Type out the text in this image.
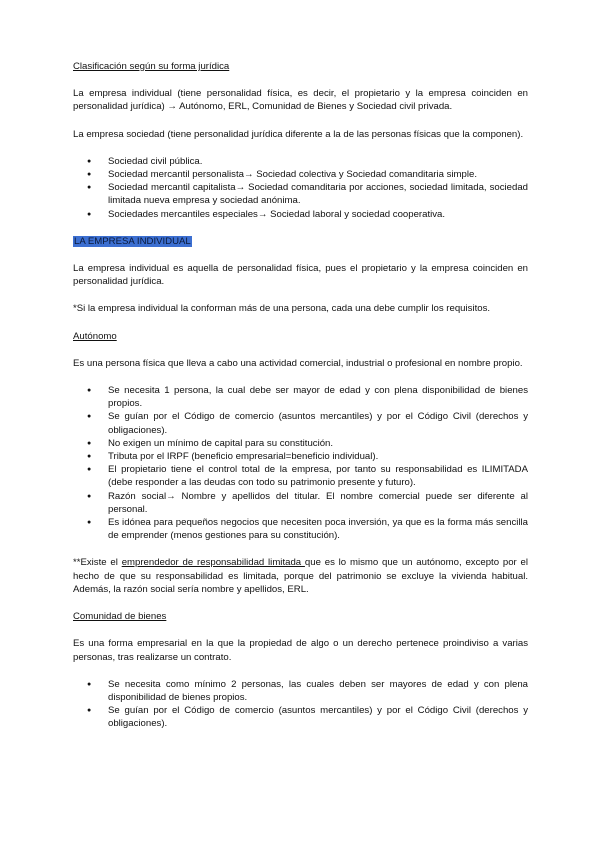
Clasificación según su forma jurídica

La empresa individual (tiene personalidad física, es decir, el propietario y la empresa coinciden en personalidad jurídica) → Autónomo, ERL, Comunidad de Bienes y Sociedad civil privada.

La empresa sociedad (tiene personalidad jurídica diferente a la de las personas físicas que la componen).

● Sociedad civil pública.
● Sociedad mercantil personalista→ Sociedad colectiva y Sociedad comanditaria simple.
● Sociedad mercantil capitalista→ Sociedad comanditaria por acciones, sociedad limitada, sociedad limitada nueva empresa y sociedad anónima.
● Sociedades mercantiles especiales→ Sociedad laboral y sociedad cooperativa.

LA EMPRESA INDIVIDUAL

La empresa individual es aquella de personalidad física, pues el propietario y la empresa coinciden en personalidad jurídica.

*Si la empresa individual la conforman más de una persona, cada una debe cumplir los requisitos.

Autónomo

Es una persona física que lleva a cabo una actividad comercial, industrial o profesional en nombre propio.

● Se necesita 1 persona, la cual debe ser mayor de edad y con plena disponibilidad de bienes propios.
● Se guían por el Código de comercio (asuntos mercantiles) y por el Código Civil (derechos y obligaciones).
● No exigen un mínimo de capital para su constitución.
● Tributa por el IRPF (beneficio empresarial=beneficio individual).
● El propietario tiene el control total de la empresa, por tanto su responsabilidad es ILIMITADA (debe responder a las deudas con todo su patrimonio presente y futuro).
● Razón social→ Nombre y apellidos del titular. El nombre comercial puede ser diferente al personal.
● Es idónea para pequeños negocios que necesiten poca inversión, ya que es la forma más sencilla de emprender (menos gestiones para su constitución).

**Existe el emprendedor de responsabilidad limitada que es lo mismo que un autónomo, excepto por el hecho de que su responsabilidad es limitada, porque del patrimonio se excluye la vivienda habitual. Además, la razón social sería nombre y apellidos, ERL.

Comunidad de bienes

Es una forma empresarial en la que la propiedad de algo o un derecho pertenece proindiviso a varias personas, tras realizarse un contrato.

● Se necesita como mínimo 2 personas, las cuales deben ser mayores de edad y con plena disponibilidad de bienes propios.
● Se guían por el Código de comercio (asuntos mercantiles) y por el Código Civil (derechos y obligaciones).
